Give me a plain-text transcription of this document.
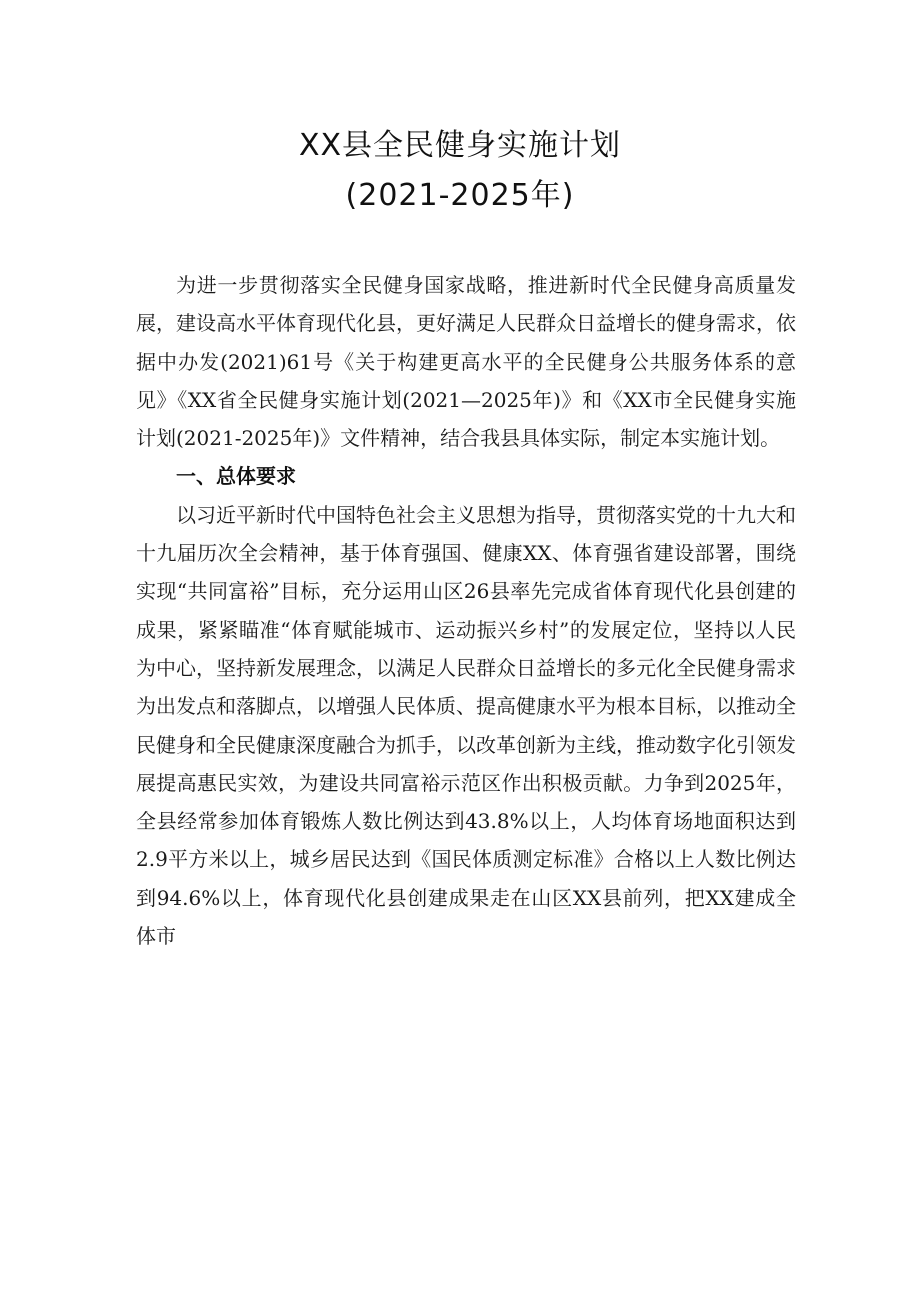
XX县全民健身实施计划
(2021-2025年)

为进一步贯彻落实全民健身国家战略，推进新时代全民健身高质量发展，建设高水平体育现代化县，更好满足人民群众日益增长的健身需求，依据中办发(2021)61号《关于构建更高水平的全民健身公共服务体系的意见》《XX省全民健身实施计划(2021—2025年)》和《XX市全民健身实施计划(2021-2025年)》文件精神，结合我县具体实际，制定本实施计划。

一、总体要求

以习近平新时代中国特色社会主义思想为指导，贯彻落实党的十九大和十九届历次全会精神，基于体育强国、健康XX、体育强省建设部署，围绕实现“共同富裕”目标，充分运用山区26县率先完成省体育现代化县创建的成果，紧紧瞄准“体育赋能城市、运动振兴乡村”的发展定位，坚持以人民为中心，坚持新发展理念，以满足人民群众日益增长的多元化全民健身需求为出发点和落脚点，以增强人民体质、提高健康水平为根本目标，以推动全民健身和全民健康深度融合为抓手，以改革创新为主线，推动数字化引领发展提高惠民实效，为建设共同富裕示范区作出积极贡献。力争到2025年，全县经常参加体育锻炼人数比例达到43.8%以上，人均体育场地面积达到2.9平方米以上，城乡居民达到《国民体质测定标准》合格以上人数比例达到94.6%以上，体育现代化县创建成果走在山区XX县前列，把XX建成全体市
